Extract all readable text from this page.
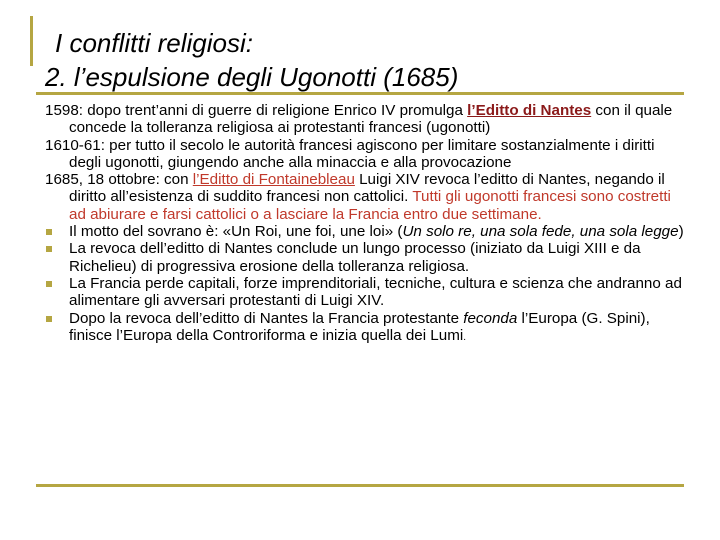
I conflitti religiosi:
2. l’espulsione degli Ugonotti (1685)

1598: dopo trent’anni di guerre di religione Enrico IV promulga l’Editto di Nantes con il quale concede la tolleranza religiosa ai protestanti francesi (ugonotti)

1610-61: per tutto il secolo le autorità francesi agiscono per limitare sostanzialmente i diritti degli ugonotti, giungendo anche alla minaccia e alla provocazione

1685, 18 ottobre: con l’Editto di Fontainebleau Luigi XIV revoca l’editto di Nantes, negando il diritto all’esistenza di suddito francesi non cattolici. Tutti gli ugonotti francesi sono costretti ad abiurare e farsi cattolici o a lasciare la Francia entro due settimane.

Il motto del sovrano è: «Un Roi, une foi, une loi» (Un solo re, una sola fede, una sola legge)

La revoca dell’editto di Nantes conclude un lungo processo (iniziato da Luigi XIII e da Richelieu) di progressiva erosione della tolleranza religiosa.

La Francia perde capitali, forze imprenditoriali, tecniche, cultura e scienza che andranno ad alimentare gli avversari protestanti di Luigi XIV.

Dopo la revoca dell’editto di Nantes la Francia protestante feconda l’Europa (G. Spini), finisce l’Europa della Controriforma e inizia quella dei Lumi.
